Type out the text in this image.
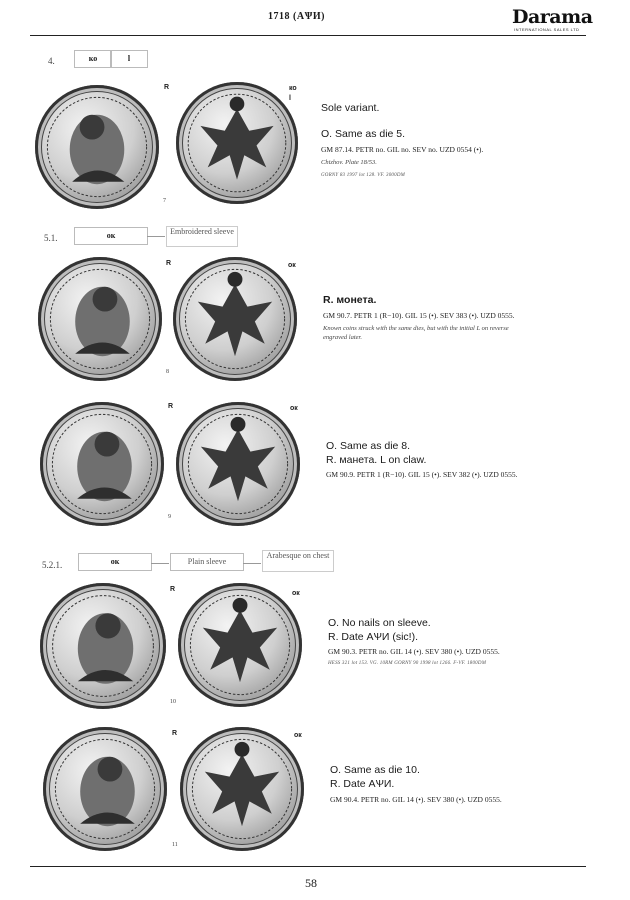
1718 (АѰИ)	Darama
INTERNATIONAL SALES LTD
4.	ко	l
R	ко
l
7
Sole variant.
O. Same as die 5.
GM 87.14. PETR no. GIL no. SEV no. UZD 0554 (•).
Chizhov. Plate 18/53.
GORNY 83 1997 lot 128. VF. 3000DM
5.1.	ок	Embroidered sleeve
R	ок
8
R. монета.
GM 90.7. PETR 1 (R−10). GIL 15 (•). SEV 383 (•). UZD 0555.
Known coins struck with the same dies, but with the initial L on reverse
engraved later.
R	ок
9
O. Same as die 8.
R. манета. L on claw.
GM 90.9. PETR 1 (R−10). GIL 15 (•). SEV 382 (•). UZD 0555.
5.2.1.	ок	Plain sleeve
Arabesque on chest
R
ок
10
O. No nails on sleeve.
R. Date АѰИ (sic!).
GM 90.3. PETR no. GIL 14 (•). SEV 380 (•). UZD 0555.
HESS 321 lot 153. VG. 10RM GORNY 90 1998 lot 1266. F-VF. 1800DM
R	ок
11
O. Same as die 10.
R. Date АѰИ.
GM 90.4. PETR no. GIL 14 (•). SEV 380 (•). UZD 0555.
58
